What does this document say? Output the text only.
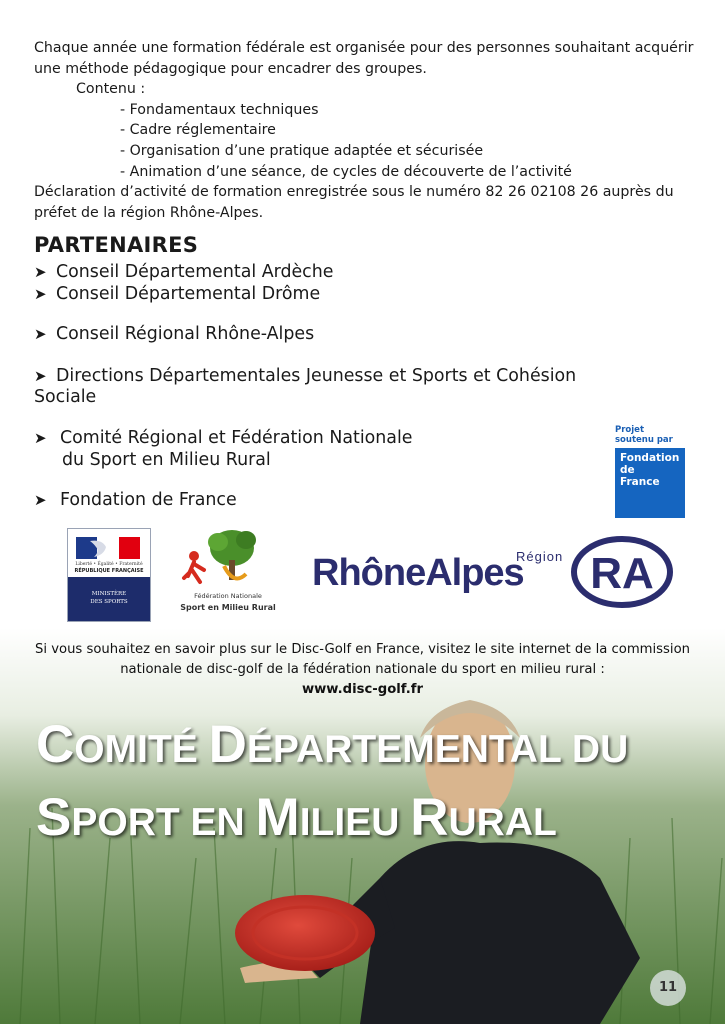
Chaque année une formation fédérale est organisée pour des personnes souhaitant acquérir une méthode pédagogique pour encadrer des groupes.

Contenu :

- Fondamentaux techniques

- Cadre réglementaire

- Organisation d’une pratique adaptée et sécurisée

- Animation d’une séance, de cycles de découverte de l’activité

Déclaration d’activité de formation enregistrée sous le numéro 82 26 02108 26 auprès du préfet de la région Rhône-Alpes.

PARTENAIRES
➤ Conseil Départemental Ardèche
➤ Conseil Départemental Drôme
➤ Conseil Régional Rhône-Alpes
➤ Directions Départementales Jeunesse et Sports et Cohésion Sociale
➤ Comité Régional et Fédération Nationale
du Sport en Milieu Rural
➤ Fondation de France
Projet
soutenu par
Fondation
de
France
Liberté • Égalité • Fraternité
RÉPUBLIQUE FRANÇAISE
MINISTÈRE
DES SPORTS
Fédération Nationale
Sport en Milieu Rural
RhôneAlpes
Région RA
Si vous souhaitez en savoir plus sur le Disc-Golf en France, visitez le site internet de la commission nationale de disc-golf de la fédération nationale du sport en milieu rural :
www.disc-golf.fr
COMITÉ DÉPARTEMENTAL DU
SPORT EN MILIEU RURAL
11
